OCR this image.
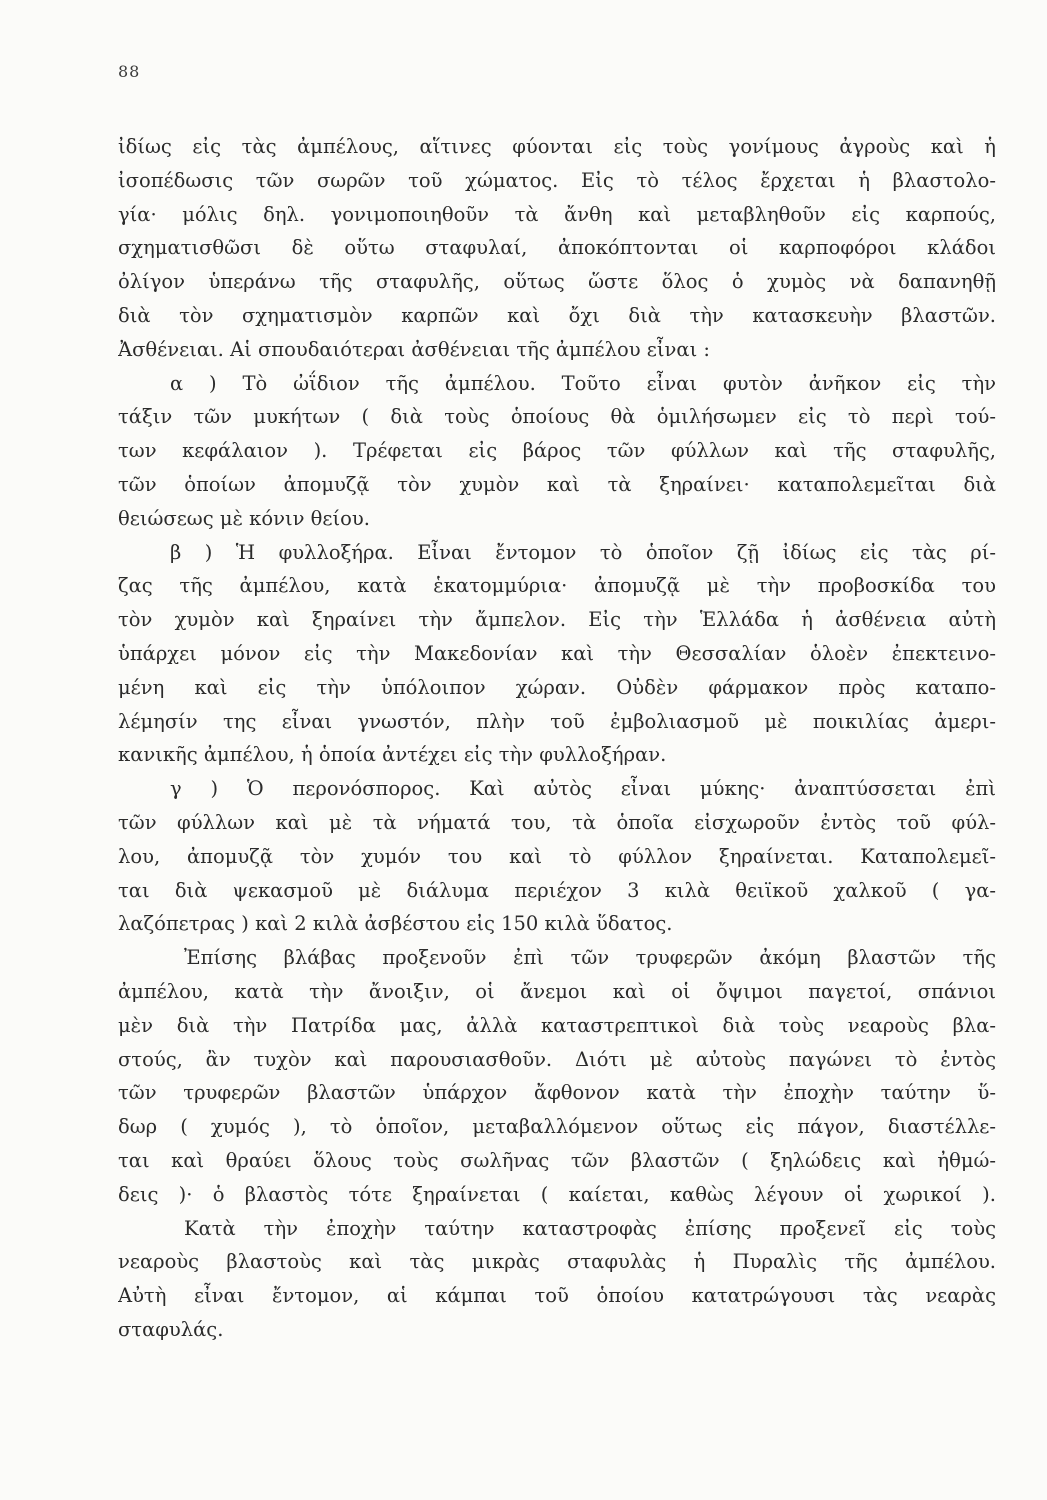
88
ἰδίως εἰς τὰς ἀμπέλους, αἵτινες φύονται εἰς τοὺς γονίμους ἀγροὺς καὶ ἡ
ἰσοπέδωσις τῶν σωρῶν τοῦ χώματος. Εἰς τὸ τέλος ἔρχεται ἡ βλαστολο-
γία· μόλις δηλ. γονιμοποιηθοῦν τὰ ἄνθη καὶ μεταβληθοῦν εἰς καρπούς,
σχηματισθῶσι δὲ οὕτω σταφυλαί, ἀποκόπτονται οἱ καρποφόροι κλάδοι
ὀλίγον ὑπεράνω τῆς σταφυλῆς, οὕτως ὥστε ὅλος ὁ χυμὸς νὰ δαπανηθῇ
διὰ τὸν σχηματισμὸν καρπῶν καὶ ὄχι διὰ τὴν κατασκευὴν βλαστῶν.
Ἀσθένειαι. Αἱ σπουδαιότεραι ἀσθένειαι τῆς ἀμπέλου εἶναι :
α ) Τὸ ὠΐδιον τῆς ἀμπέλου. Τοῦτο εἶναι φυτὸν ἀνῆκον εἰς τὴν
τάξιν τῶν μυκήτων ( διὰ τοὺς ὁποίους θὰ ὁμιλήσωμεν εἰς τὸ περὶ τού-
των κεφάλαιον ). Τρέφεται εἰς βάρος τῶν φύλλων καὶ τῆς σταφυλῆς,
τῶν ὁποίων ἀπομυζᾷ τὸν χυμὸν καὶ τὰ ξηραίνει· καταπολεμεῖται διὰ
θειώσεως μὲ κόνιν θείου.
β ) Ἡ φυλλοξήρα. Εἶναι ἔντομον τὸ ὁποῖον ζῇ ἰδίως εἰς τὰς ρί-
ζας τῆς ἀμπέλου, κατὰ ἑκατομμύρια· ἀπομυζᾷ μὲ τὴν προβοσκίδα του
τὸν χυμὸν καὶ ξηραίνει τὴν ἄμπελον. Εἰς τὴν Ἑλλάδα ἡ ἀσθένεια αὐτὴ
ὑπάρχει μόνον εἰς τὴν Μακεδονίαν καὶ τὴν Θεσσαλίαν ὁλοὲν ἐπεκτεινο-
μένη καὶ εἰς τὴν ὑπόλοιπον χώραν. Οὐδὲν φάρμακον πρὸς καταπο-
λέμησίν της εἶναι γνωστόν, πλὴν τοῦ ἐμβολιασμοῦ μὲ ποικιλίας ἀμερι-
κανικῆς ἀμπέλου, ἡ ὁποία ἀντέχει εἰς τὴν φυλλοξήραν.
γ ) Ὁ περονόσπορος. Καὶ αὐτὸς εἶναι μύκης· ἀναπτύσσεται ἐπὶ
τῶν φύλλων καὶ μὲ τὰ νήματά του, τὰ ὁποῖα εἰσχωροῦν ἐντὸς τοῦ φύλ-
λου, ἀπομυζᾷ τὸν χυμόν του καὶ τὸ φύλλον ξηραίνεται. Καταπολεμεῖ-
ται διὰ ψεκασμοῦ μὲ διάλυμα περιέχον 3 κιλὰ θειϊκοῦ χαλκοῦ ( γα-
λαζόπετρας ) καὶ 2 κιλὰ ἀσβέστου εἰς 150 κιλὰ ὕδατος.
Ἐπίσης βλάβας προξενοῦν ἐπὶ τῶν τρυφερῶν ἀκόμη βλαστῶν τῆς
ἀμπέλου, κατὰ τὴν ἄνοιξιν, οἱ ἄνεμοι καὶ οἱ ὄψιμοι παγετοί, σπάνιοι
μὲν διὰ τὴν Πατρίδα μας, ἀλλὰ καταστρεπτικοὶ διὰ τοὺς νεαροὺς βλα-
στούς, ἂν τυχὸν καὶ παρουσιασθοῦν. Διότι μὲ αὐτοὺς παγώνει τὸ ἐντὸς
τῶν τρυφερῶν βλαστῶν ὑπάρχον ἄφθονον κατὰ τὴν ἐποχὴν ταύτην ὕ-
δωρ ( χυμός ), τὸ ὁποῖον, μεταβαλλόμενον οὕτως εἰς πάγον, διαστέλλε-
ται καὶ θραύει ὅλους τοὺς σωλῆνας τῶν βλαστῶν ( ξηλώδεις καὶ ἠθμώ-
δεις )· ὁ βλαστὸς τότε ξηραίνεται ( καίεται, καθὼς λέγουν οἱ χωρικοί ).
Κατὰ τὴν ἐποχὴν ταύτην καταστροφὰς ἐπίσης προξενεῖ εἰς τοὺς
νεαροὺς βλαστοὺς καὶ τὰς μικρὰς σταφυλὰς ἡ Πυραλὶς τῆς ἀμπέλου.
Αὐτὴ εἶναι ἔντομον, αἱ κάμπαι τοῦ ὁποίου κατατρώγουσι τὰς νεαρὰς
σταφυλάς.
